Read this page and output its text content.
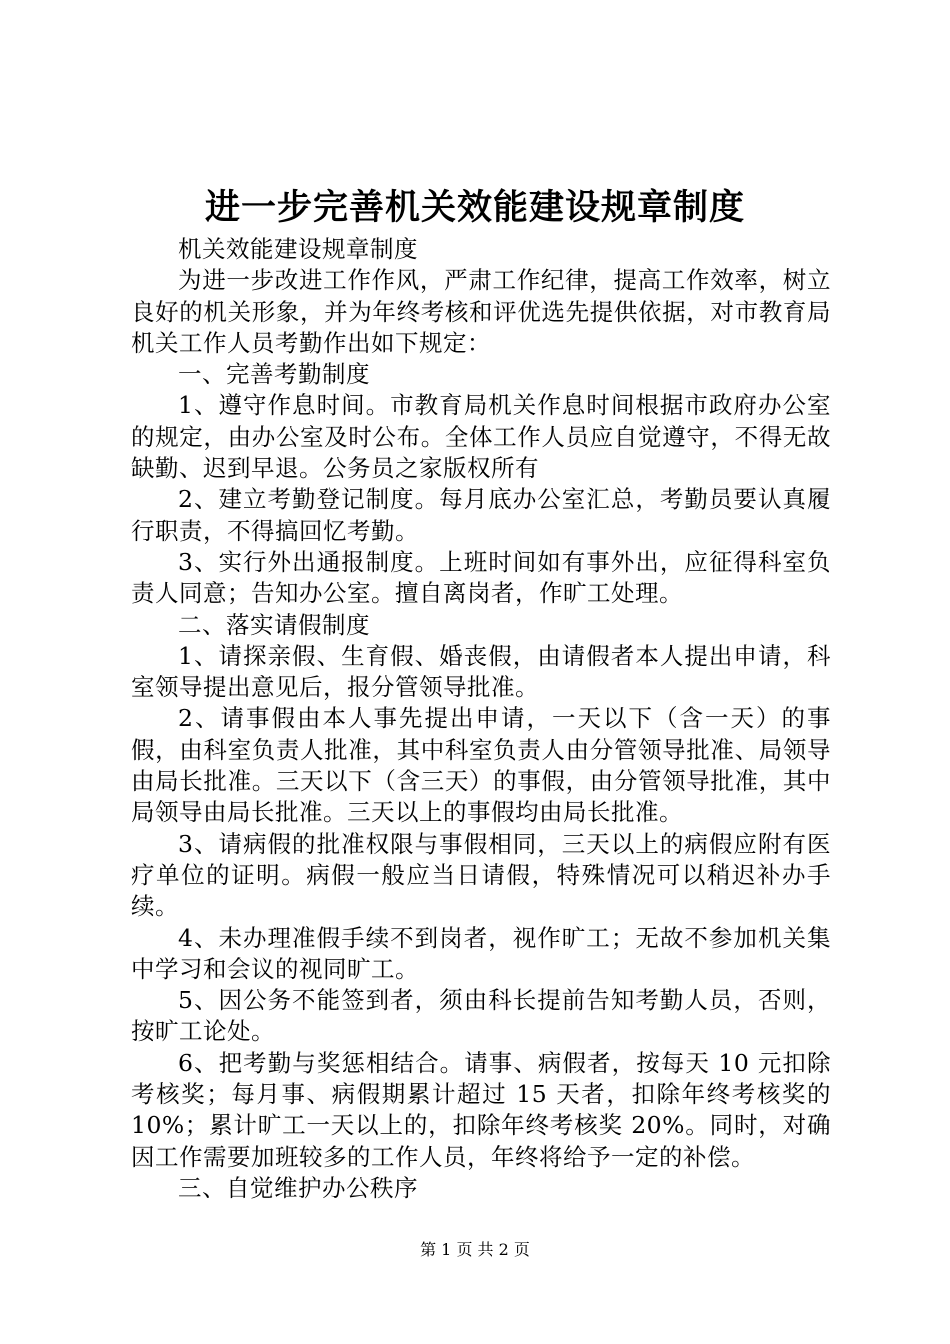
进一步完善机关效能建设规章制度

机关效能建设规章制度

为进一步改进工作作风，严肃工作纪律，提高工作效率，树立良好的机关形象，并为年终考核和评优选先提供依据，对市教育局机关工作人员考勤作出如下规定：

一、完善考勤制度

1、遵守作息时间。市教育局机关作息时间根据市政府办公室的规定，由办公室及时公布。全体工作人员应自觉遵守，不得无故缺勤、迟到早退。公务员之家版权所有

2、建立考勤登记制度。每月底办公室汇总，考勤员要认真履行职责，不得搞回忆考勤。

3、实行外出通报制度。上班时间如有事外出，应征得科室负责人同意；告知办公室。擅自离岗者，作旷工处理。

二、落实请假制度

1、请探亲假、生育假、婚丧假，由请假者本人提出申请，科室领导提出意见后，报分管领导批准。

2、请事假由本人事先提出申请，一天以下（含一天）的事假，由科室负责人批准，其中科室负责人由分管领导批准、局领导由局长批准。三天以下（含三天）的事假，由分管领导批准，其中局领导由局长批准。三天以上的事假均由局长批准。

3、请病假的批准权限与事假相同，三天以上的病假应附有医疗单位的证明。病假一般应当日请假，特殊情况可以稍迟补办手续。

4、未办理准假手续不到岗者，视作旷工；无故不参加机关集中学习和会议的视同旷工。

5、因公务不能签到者，须由科长提前告知考勤人员，否则，按旷工论处。

6、把考勤与奖惩相结合。请事、病假者，按每天 10 元扣除考核奖；每月事、病假期累计超过 15 天者，扣除年终考核奖的 10%；累计旷工一天以上的，扣除年终考核奖 20%。同时，对确因工作需要加班较多的工作人员，年终将给予一定的补偿。

三、自觉维护办公秩序

第 1 页 共 2 页
